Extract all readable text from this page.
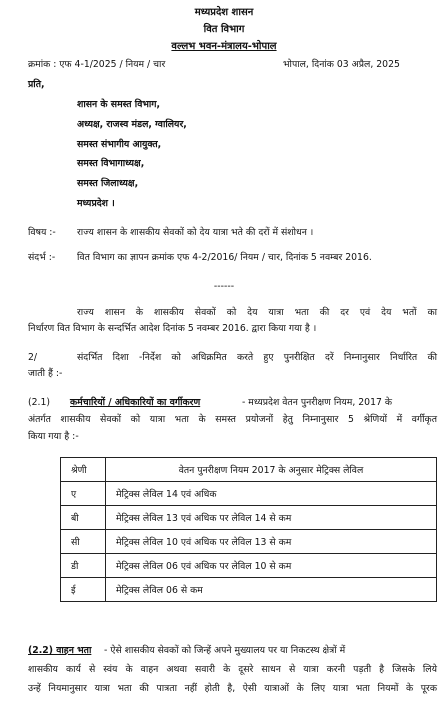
मध्यप्रदेश शासन
वित विभाग
वल्लभ भवन-मंत्रालय-भोपाल
क्रमांक : एफ 4-1/2025 / नियम / चार	भोपाल, दिनांक 03 अप्रैल, 2025
प्रति,
शासन के समस्त विभाग,
अध्यक्ष, राजस्व मंडल, ग्वालियर,
समस्त संभागीय आयुक्त,
समस्त विभागाध्यक्ष,
समस्त जिलाध्यक्ष,
मध्यप्रदेश ।
विषय :- राज्य शासन के शासकीय सेवकों को देय यात्रा भते की दरों में संशोधन ।
संदर्भ :- वित विभाग का ज्ञापन क्रमांक एफ 4-2/2016/ नियम / चार, दिनांक 5 नवम्बर 2016.
------
राज्य शासन के शासकीय सेवकों को देय यात्रा भता की दर एवं देय भतों का
निर्धारण वित विभाग के सन्दर्भित आदेश दिनांक 5 नवम्बर 2016. द्वारा किया गया है ।
2/	संदर्भित दिशा -निर्देश को अधिक्रमित करते हुए पुनरीक्षित दरें निम्नानुसार निर्धारित की
जाती हैं :-
(2.1) कर्मचारियों / अधिकारियों का वर्गीकरण	- मध्यप्रदेश वेतन पुनरीक्षण नियम, 2017 के
अंतर्गत शासकीय सेवकों को यात्रा भता के समस्त प्रयोजनों हेतु निम्नानुसार 5 श्रेणियों में वर्गीकृत
किया गया है :-
श्रेणी	वेतन पुनरीक्षण नियम 2017 के अनुसार मेट्रिक्स लेविल
ए	मेट्रिक्स लेविल 14 एवं अधिक
बी	मेट्रिक्स लेविल 13 एवं अधिक पर लेविल 14 से कम
सी	मेट्रिक्स लेविल 10 एवं अधिक पर लेविल 13 से कम
डी	मेट्रिक्स लेविल 06 एवं अधिक पर लेविल 10 से कम
ई	मेट्रिक्स लेविल 06 से कम
(2.2) वाहन भता - ऐसे शासकीय सेवकों को जिन्हें अपने मुख्यालय पर या निकटस्थ क्षेत्रों में
शासकीय कार्य से स्वंय के वाहन अथवा सवारी के दूसरे साधन से यात्रा करनी पड़ती है जिसके लिये
उन्हें नियमानुसार यात्रा भता की पात्रता नहीं होती है, ऐसी यात्राओं के लिए यात्रा भता नियमों के पूरक
